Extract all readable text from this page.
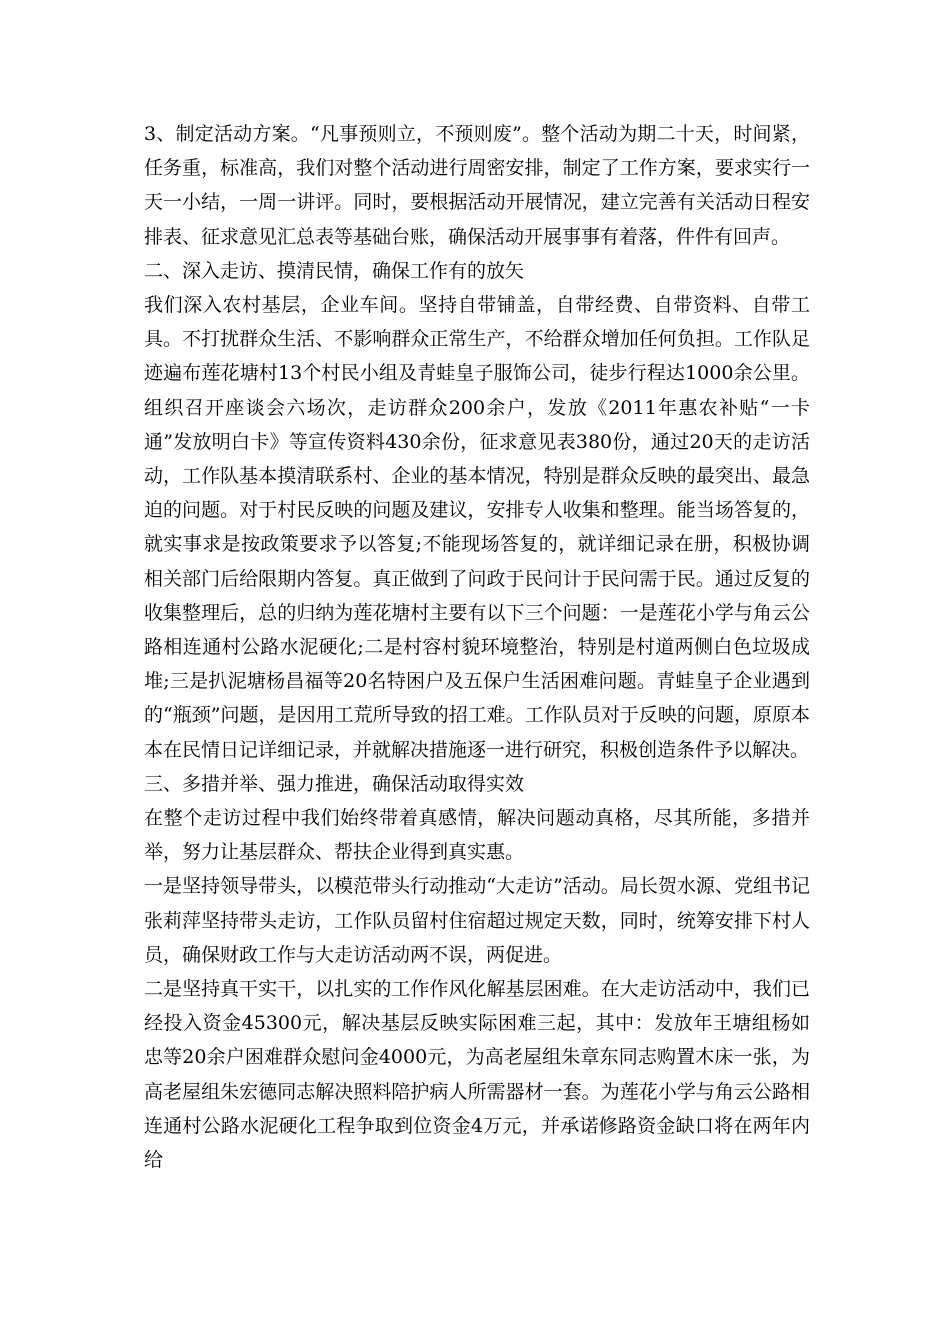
3、制定活动方案。“凡事预则立，不预则废”。整个活动为期二十天，时间紧，任务重，标准高，我们对整个活动进行周密安排，制定了工作方案，要求实行一天一小结，一周一讲评。同时，要根据活动开展情况，建立完善有关活动日程安排表、征求意见汇总表等基础台账，确保活动开展事事有着落，件件有回声。

二、深入走访、摸清民情，确保工作有的放矢

我们深入农村基层，企业车间。坚持自带铺盖，自带经费、自带资料、自带工具。不打扰群众生活、不影响群众正常生产，不给群众增加任何负担。工作队足迹遍布莲花塘村13个村民小组及青蛙皇子服饰公司，徒步行程达1000余公里。组织召开座谈会六场次，走访群众200余户，发放《2011年惠农补贴“一卡通”发放明白卡》等宣传资料430余份，征求意见表380份，通过20天的走访活动，工作队基本摸清联系村、企业的基本情况，特别是群众反映的最突出、最急迫的问题。对于村民反映的问题及建议，安排专人收集和整理。能当场答复的，就实事求是按政策要求予以答复;不能现场答复的，就详细记录在册，积极协调相关部门后给限期内答复。真正做到了问政于民问计于民问需于民。通过反复的收集整理后，总的归纳为莲花塘村主要有以下三个问题：一是莲花小学与角云公路相连通村公路水泥硬化;二是村容村貌环境整治，特别是村道两侧白色垃圾成堆;三是扒泥塘杨昌福等20名特困户及五保户生活困难问题。青蛙皇子企业遇到的“瓶颈”问题，是因用工荒所导致的招工难。工作队员对于反映的问题，原原本本在民情日记详细记录，并就解决措施逐一进行研究，积极创造条件予以解决。

三、多措并举、强力推进，确保活动取得实效

在整个走访过程中我们始终带着真感情，解决问题动真格，尽其所能，多措并举，努力让基层群众、帮扶企业得到真实惠。

一是坚持领导带头，以模范带头行动推动“大走访”活动。局长贺水源、党组书记张莉萍坚持带头走访，工作队员留村住宿超过规定天数，同时，统筹安排下村人员，确保财政工作与大走访活动两不误，两促进。

二是坚持真干实干，以扎实的工作作风化解基层困难。在大走访活动中，我们已经投入资金45300元，解决基层反映实际困难三起，其中：发放年王塘组杨如忠等20余户困难群众慰问金4000元，为高老屋组朱章东同志购置木床一张，为高老屋组朱宏德同志解决照料陪护病人所需器材一套。为莲花小学与角云公路相连通村公路水泥硬化工程争取到位资金4万元，并承诺修路资金缺口将在两年内给
